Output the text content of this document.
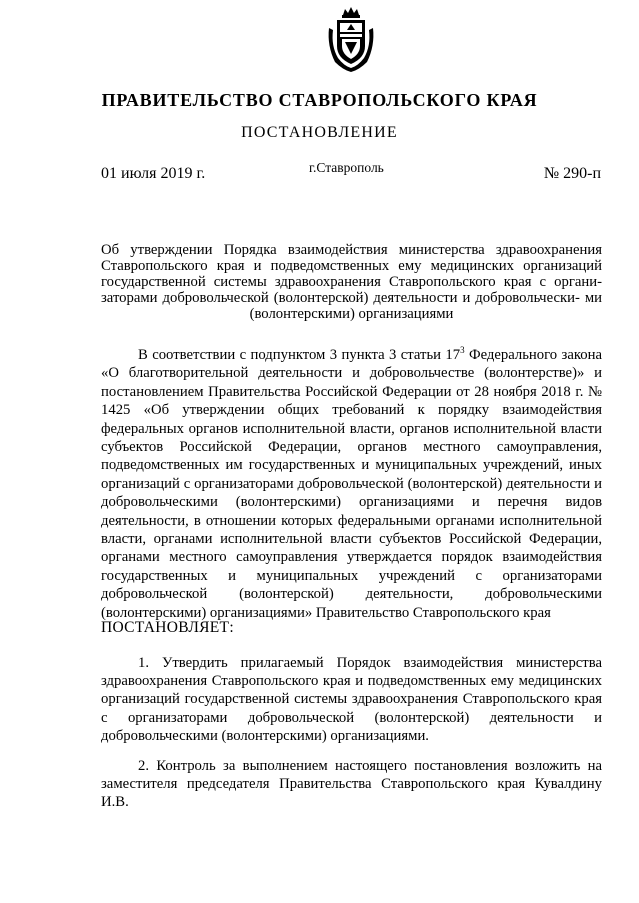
ПРАВИТЕЛЬСТВО СТАВРОПОЛЬСКОГО КРАЯ
ПОСТАНОВЛЕНИЕ
01 июля 2019 г.	г.Ставрополь	№ 290-п
Об утверждении Порядка взаимодействия министерства здравоохранения Ставропольского края и подведомственных ему медицинских организаций государственной системы здравоохранения Ставропольского края с органи- заторами добровольческой (волонтерской) деятельности и добровольчески- ми (волонтерскими) организациями
В соответствии с подпунктом 3 пункта 3 статьи $17^3$ Федерального закона «О благотворительной деятельности и добровольчестве (волонтерстве)» и постановлением Правительства Российской Федерации от 28 ноября 2018 г. № 1425 «Об утверждении общих требований к порядку взаимодействия федеральных органов исполнительной власти, органов исполнительной власти субъектов Российской Федерации, органов местного самоуправления, подведомственных им государственных и муниципальных учреждений, иных организаций с организаторами добровольческой (волонтерской) деятельности и добровольческими (волонтерскими) организациями и перечня видов деятельности, в отношении которых федеральными органами исполнительной власти, органами исполнительной власти субъектов Российской Федерации, органами местного самоуправления утверждается порядок взаимодействия государственных и муниципальных учреждений с организаторами добровольческой (волонтерской) деятельности, добровольческими (волонтерскими) организациями» Правительство Ставропольского края
ПОСТАНОВЛЯЕТ:
1. Утвердить прилагаемый Порядок взаимодействия министерства здравоохранения Ставропольского края и подведомственных ему медицинских организаций государственной системы здравоохранения Ставропольского края с организаторами добровольческой (волонтерской) деятельности и добровольческими (волонтерскими) организациями.
2. Контроль за выполнением настоящего постановления возложить на заместителя председателя Правительства Ставропольского края Кувалдину И.В.
